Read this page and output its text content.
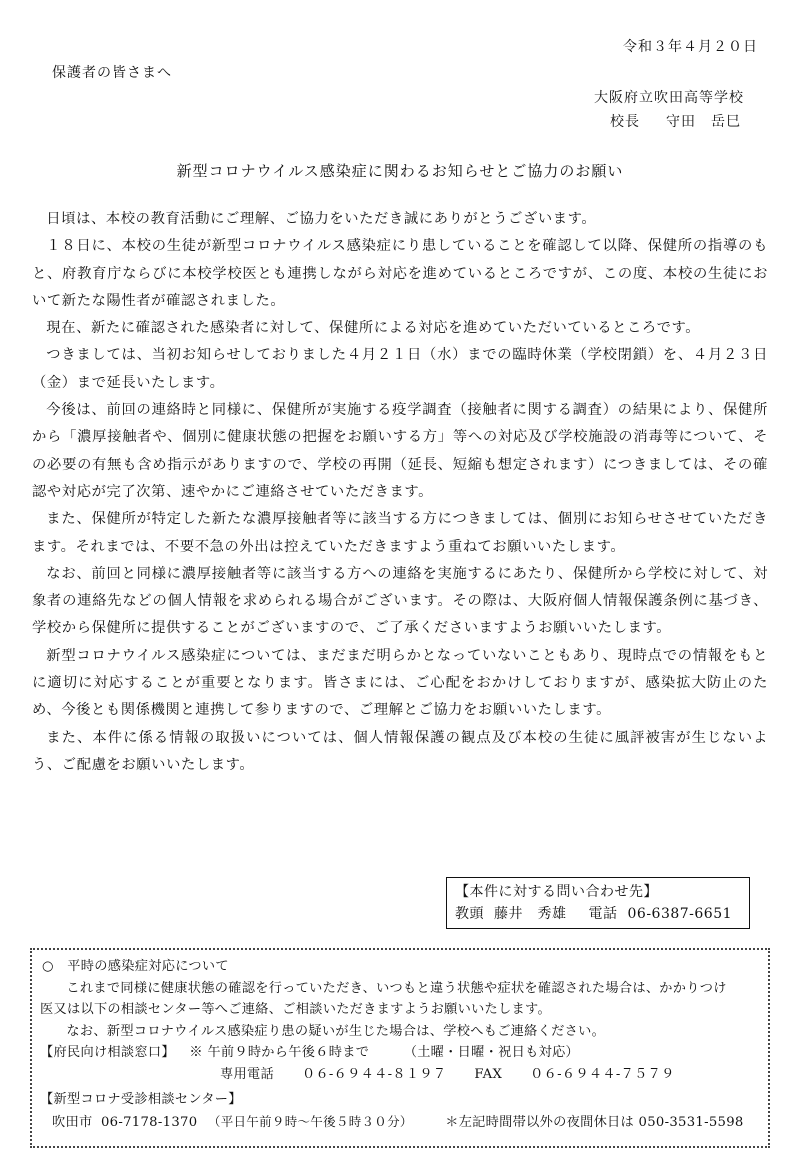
令和３年４月２０日
保護者の皆さまへ
大阪府立吹田高等学校
校長 守田　岳巳
新型コロナウイルス感染症に関わるお知らせとご協力のお願い

日頃は、本校の教育活動にご理解、ご協力をいただき誠にありがとうございます。

１８日に、本校の生徒が新型コロナウイルス感染症にり患していることを確認して以降、保健所の指導のもと、府教育庁ならびに本校学校医とも連携しながら対応を進めているところですが、この度、本校の生徒において新たな陽性者が確認されました。

現在、新たに確認された感染者に対して、保健所による対応を進めていただいているところです。

つきましては、当初お知らせしておりました４月２１日（水）までの臨時休業（学校閉鎖）を、４月２３日（金）まで延長いたします。

今後は、前回の連絡時と同様に、保健所が実施する疫学調査（接触者に関する調査）の結果により、保健所から「濃厚接触者や、個別に健康状態の把握をお願いする方」等への対応及び学校施設の消毒等について、その必要の有無も含め指示がありますので、学校の再開（延長、短縮も想定されます）につきましては、その確認や対応が完了次第、速やかにご連絡させていただきます。

また、保健所が特定した新たな濃厚接触者等に該当する方につきましては、個別にお知らせさせていただきます。それまでは、不要不急の外出は控えていただきますよう重ねてお願いいたします。

なお、前回と同様に濃厚接触者等に該当する方への連絡を実施するにあたり、保健所から学校に対して、対象者の連絡先などの個人情報を求められる場合がございます。その際は、大阪府個人情報保護条例に基づき、学校から保健所に提供することがございますので、ご了承くださいますようお願いいたします。

新型コロナウイルス感染症については、まだまだ明らかとなっていないこともあり、現時点での情報をもとに適切に対応することが重要となります。皆さまには、ご心配をおかけしておりますが、感染拡大防止のため、今後とも関係機関と連携して参りますので、ご理解とご協力をお願いいたします。

また、本件に係る情報の取扱いについては、個人情報保護の観点及び本校の生徒に風評被害が生じないよう、ご配慮をお願いいたします。

【本件に対する問い合わせ先】
教頭 藤井　秀雄 電話 06-6387-6651
○　平時の感染症対応について
これまで同様に健康状態の確認を行っていただき、いつもと違う状態や症状を確認された場合は、かかりつけ
医又は以下の相談センター等へご連絡、ご相談いただきますようお願いいたします。
なお、新型コロナウイルス感染症り患の疑いが生じた場合は、学校へもご連絡ください。
【府民向け相談窓口】 ※ 午前９時から午後６時まで	（土曜・日曜・祝日も対応）
専用電話 ０６-６９４４-８１９７ FAX ０６-６９４４-７５７９
【新型コロナ受診相談センター】
吹田市 06-7178-1370 （平日午前９時～午後５時３０分） ＊左記時間帯以外の夜間休日は 050-3531-5598
